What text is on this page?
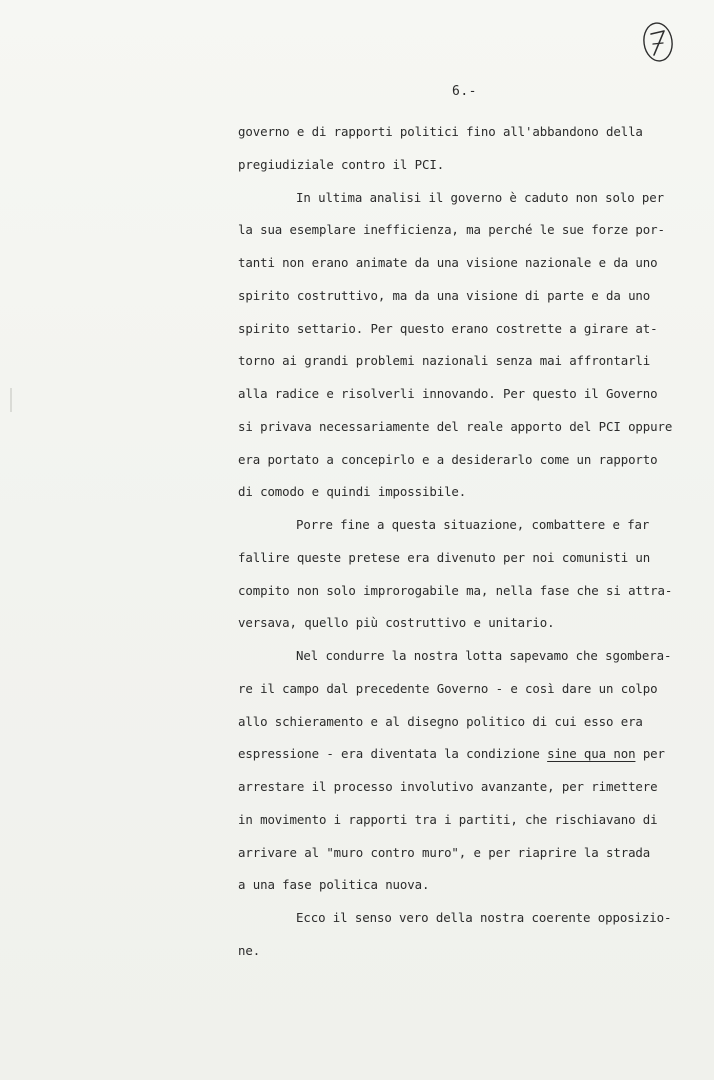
6.-
governo e di rapporti politici fino all'abbandono della
pregiudiziale contro il PCI.
In ultima analisi il governo è caduto non solo per
la sua esemplare inefficienza, ma perché le sue forze por-
tanti non erano animate da una visione nazionale e da uno
spirito costruttivo, ma da una visione di parte e da uno
spirito settario. Per questo erano costrette a girare at-
torno ai grandi problemi nazionali senza mai affrontarli
alla radice e risolverli innovando. Per questo il Governo
si privava necessariamente del reale apporto del PCI oppure
era portato a concepirlo e a desiderarlo come un rapporto
di comodo e quindi impossibile.
Porre fine a questa situazione, combattere e far
fallire queste pretese era divenuto per noi comunisti un
compito non solo improrogabile ma, nella fase che si attra-
versava, quello più costruttivo e unitario.
Nel condurre la nostra lotta sapevamo che sgombera-
re il campo dal precedente Governo - e così dare un colpo
allo schieramento e al disegno politico di cui esso era
espressione - era diventata la condizione sine qua non per
arrestare il processo involutivo avanzante, per rimettere
in movimento i rapporti tra i partiti, che rischiavano di
arrivare al "muro contro muro", e per riaprire la strada
a una fase politica nuova.
Ecco il senso vero della nostra coerente opposizio-
ne.
